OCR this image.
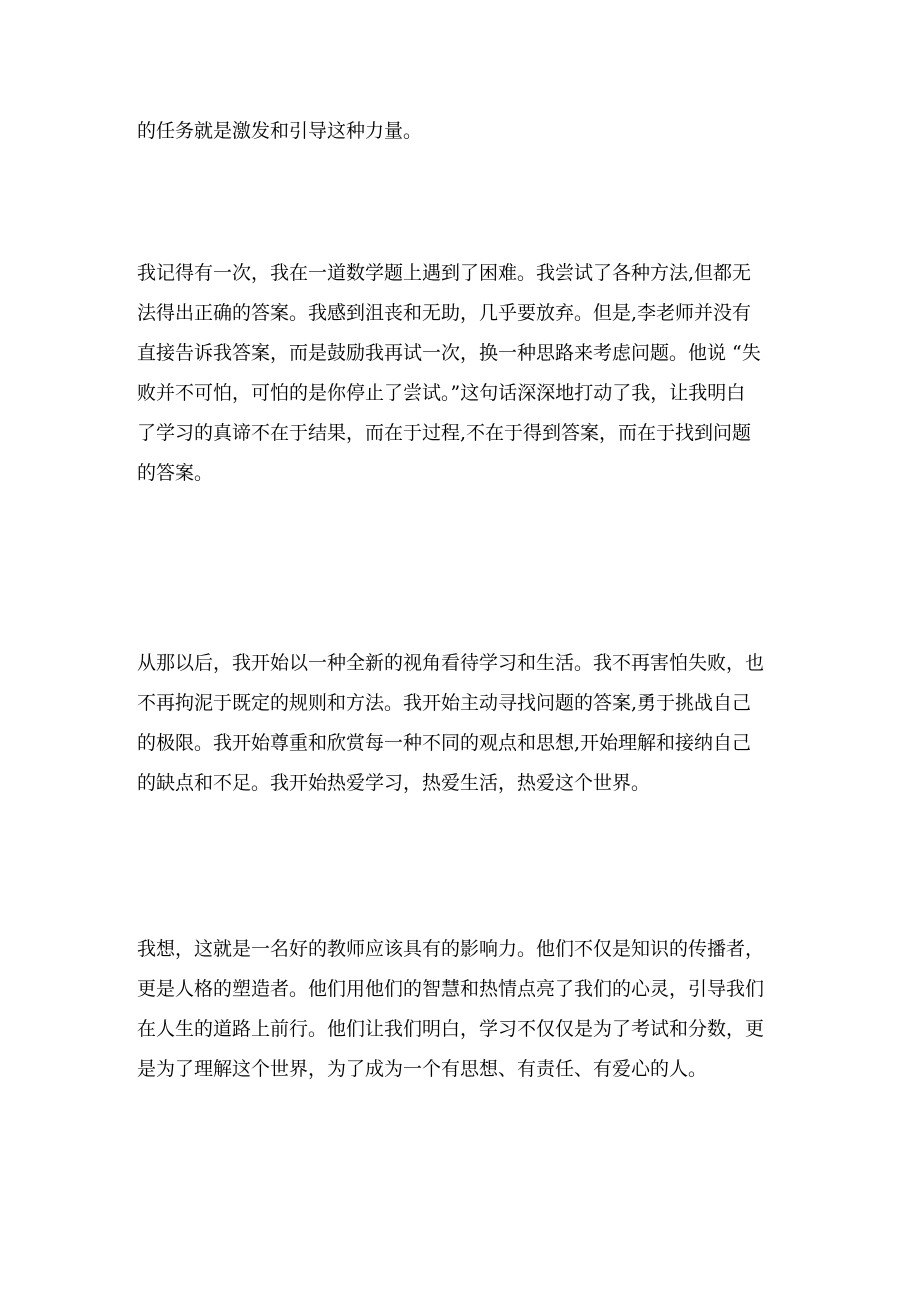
的任务就是激发和引导这种力量。

我记得有一次，我在一道数学题上遇到了困难。我尝试了各种方法,但都无
法得出正确的答案。我感到沮丧和无助，几乎要放弃。但是,李老师并没有
直接告诉我答案，而是鼓励我再试一次，换一种思路来考虑问题。他说 “失
败并不可怕，可怕的是你停止了尝试。”这句话深深地打动了我，让我明白
了学习的真谛不在于结果，而在于过程,不在于得到答案，而在于找到问题
的答案。

从那以后，我开始以一种全新的视角看待学习和生活。我不再害怕失败，也
不再拘泥于既定的规则和方法。我开始主动寻找问题的答案,勇于挑战自己
的极限。我开始尊重和欣赏每一种不同的观点和思想,开始理解和接纳自己
的缺点和不足。我开始热爱学习，热爱生活，热爱这个世界。

我想，这就是一名好的教师应该具有的影响力。他们不仅是知识的传播者，
更是人格的塑造者。他们用他们的智慧和热情点亮了我们的心灵，引导我们
在人生的道路上前行。他们让我们明白，学习不仅仅是为了考试和分数，更
是为了理解这个世界，为了成为一个有思想、有责任、有爱心的人。
